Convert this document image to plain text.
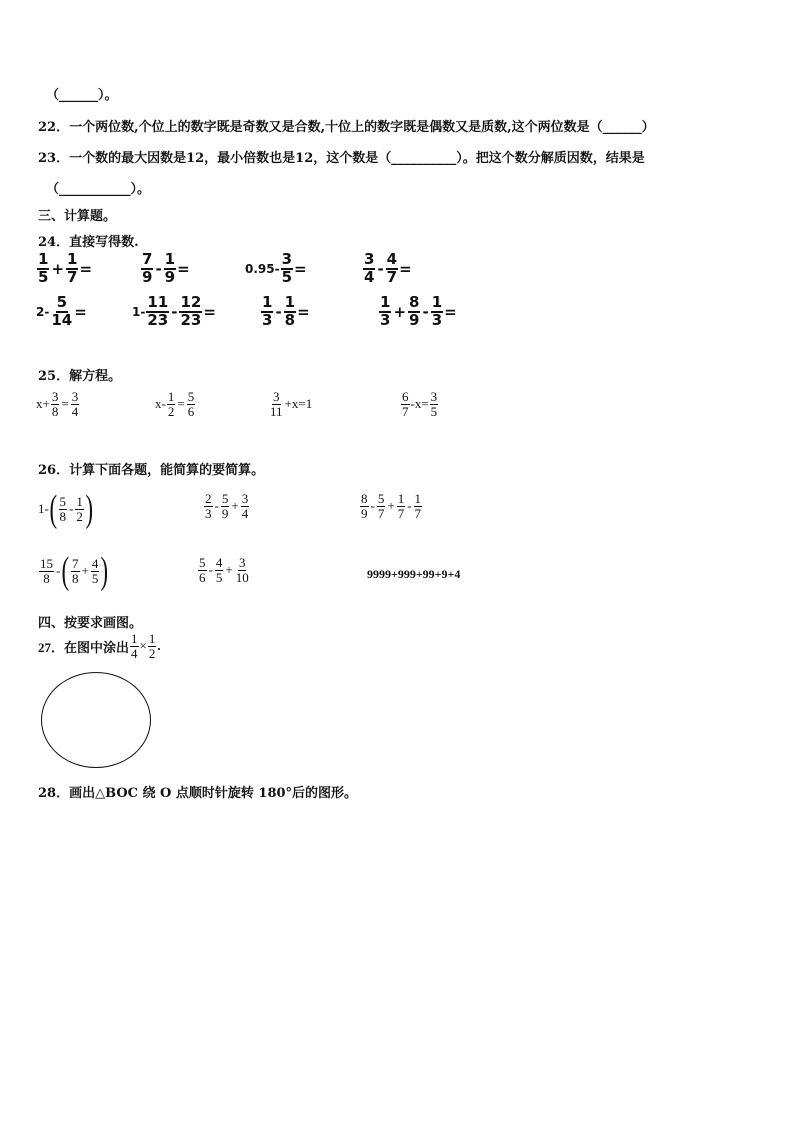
（______）。
22．一个两位数,个位上的数字既是奇数又是合数,十位上的数字既是偶数又是质数,这个两位数是（______）
23．一个数的最大因数是12，最小倍数也是12，这个数是（__________）。把这个数分解质因数，结果是
（___________）。
三、计算题。
24．直接写得数.
$\frac{1}{5} + \frac{1}{7}$ =	$\frac{7}{9} - \frac{1}{9}$ =	$0.95- \frac{3}{5}$ =	$\frac{3}{4} - \frac{4}{7}$ =
$2- \frac{5}{14}$ =	$1- \frac{11}{23} - \frac{12}{23}$ =	$\frac{1}{3} - \frac{1}{8}$ =	$\frac{1}{3} + \frac{8}{9} - \frac{1}{3}$ =
25．解方程。
$x+ \frac{3}{8} = \frac{3}{4}$	$x- \frac{1}{2} = \frac{5}{6}$	$\frac{3}{11} +x=1$	$\frac{6}{7} -x= \frac{3}{5}$
26．计算下面各题，能简算的要简算。
1- ( $\frac{5}{8} - \frac{1}{2}$ )	$\frac{2}{3} - \frac{5}{9} + \frac{3}{4}$	$\frac{8}{9} - \frac{5}{7} + \frac{1}{7} - \frac{1}{7}$
$\frac{15}{8}$ - ( $\frac{7}{8} + \frac{4}{5}$ )	$\frac{5}{6} - \frac{4}{5} + \frac{3}{10}$	9999+999+99+9+4
四、按要求画图。
27．在图中涂出 $\frac{1}{4} \times \frac{1}{2}$ .
28．画出△BOC 绕 O 点顺时针旋转 180°后的图形。
